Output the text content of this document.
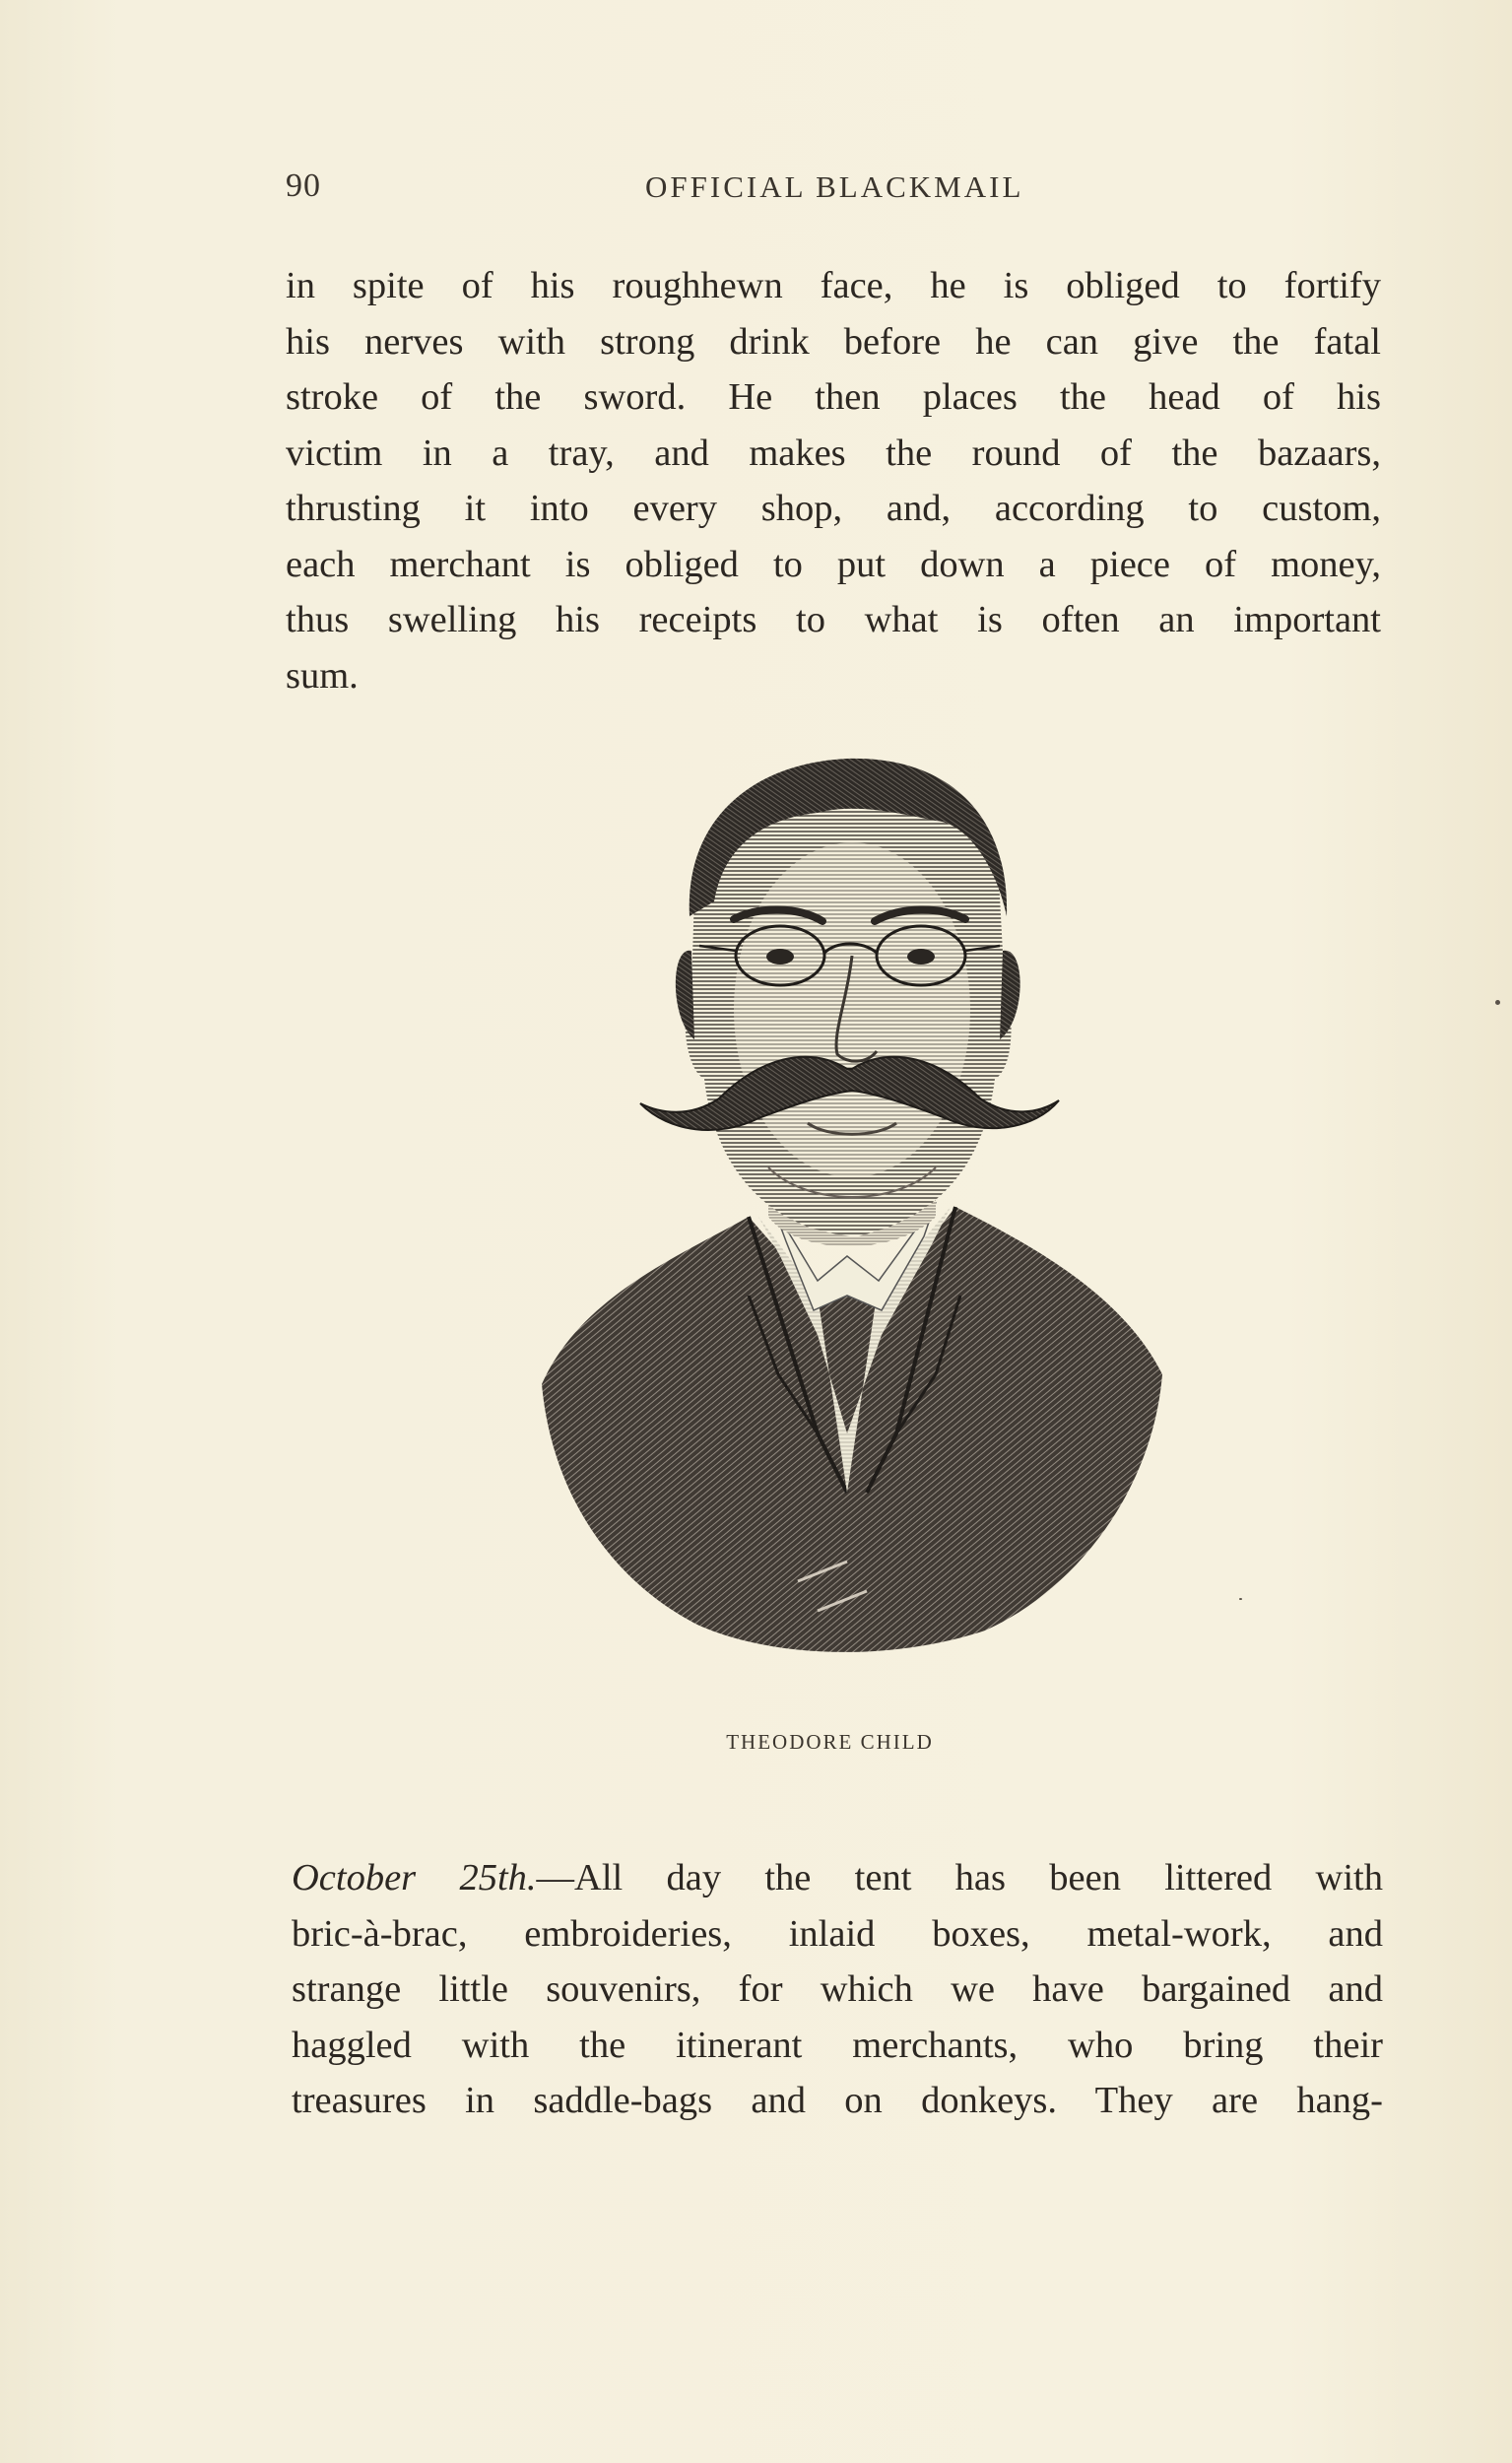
90	OFFICIAL BLACKMAIL
in spite of his roughhewn face, he is obliged to fortify
his nerves with strong drink before he can give the fatal
stroke of the sword. He then places the head of his
victim in a tray, and makes the round of the bazaars,
thrusting it into every shop, and, according to custom,
each merchant is obliged to put down a piece of money,
thus swelling his receipts to what is often an important
sum.
THEODORE CHILD
October 25th.—All day the tent has been littered with
bric-à-brac, embroideries, inlaid boxes, metal-work, and
strange little souvenirs, for which we have bargained and
haggled with the itinerant merchants, who bring their
treasures in saddle-bags and on donkeys. They are hang-
